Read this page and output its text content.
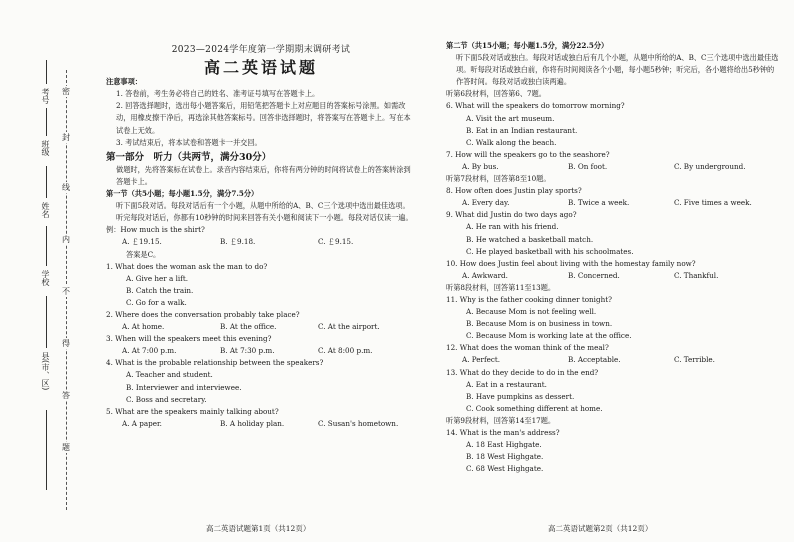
考号
班级
姓名
学校
县(市、区)
密
封
线
内
不
得
答
题
2023—2024学年度第一学期期末调研考试
高二英语试题
注意事项：
1. 答卷前，考生务必将自己的姓名、准考证号填写在答题卡上。
2. 回答选择题时，选出每小题答案后，用铅笔把答题卡上对应题目的答案标号涂黑。如需改动，用橡皮擦干净后，再选涂其他答案标号。回答非选择题时，将答案写在答题卡上。写在本试卷上无效。
3. 考试结束后，将本试卷和答题卡一并交回。
第一部分　听力（共两节，满分30分）
做题时，先将答案标在试卷上。录音内容结束后，你将有两分钟的时间将试卷上的答案转涂到答题卡上。
第一节（共5小题；每小题1.5分，满分7.5分）
听下面5段对话。每段对话后有一个小题，从题中所给的A、B、C三个选项中选出最佳选项。听完每段对话后，你都有10秒钟的时间来回答有关小题和阅读下一小题。每段对话仅读一遍。
例：How much is the shirt?
A. ￡19.15.	B. ￡9.18.	C. ￡9.15.
答案是C。
1. What does the woman ask the man to do?
A. Give her a lift.
B. Catch the train.
C. Go for a walk.
2. Where does the conversation probably take place?
A. At home.	B. At the office.	C. At the airport.
3. When will the speakers meet this evening?
A. At 7:00 p.m.	B. At 7:30 p.m.	C. At 8:00 p.m.
4. What is the probable relationship between the speakers?
A. Teacher and student.
B. Interviewer and interviewee.
C. Boss and secretary.
5. What are the speakers mainly talking about?
A. A paper.	B. A holiday plan.	C. Susan's hometown.
第二节（共15小题；每小题1.5分，满分22.5分）
听下面5段对话或独白。每段对话或独白后有几个小题，从题中所给的A、B、C三个选项中选出最佳选项。听每段对话或独白前，你将有时间阅读各个小题，每小题5秒钟；听完后，各小题将给出5秒钟的作答时间。每段对话或独白读两遍。
听第6段材料，回答第6、7题。
6. What will the speakers do tomorrow morning?
A. Visit the art museum.
B. Eat in an Indian restaurant.
C. Walk along the beach.
7. How will the speakers go to the seashore?
A. By bus.	B. On foot.	C. By underground.
听第7段材料，回答第8至10题。
8. How often does Justin play sports?
A. Every day.	B. Twice a week.	C. Five times a week.
9. What did Justin do two days ago?
A. He ran with his friend.
B. He watched a basketball match.
C. He played basketball with his schoolmates.
10. How does Justin feel about living with the homestay family now?
A. Awkward.	B. Concerned.	C. Thankful.
听第8段材料，回答第11至13题。
11. Why is the father cooking dinner tonight?
A. Because Mom is not feeling well.
B. Because Mom is on business in town.
C. Because Mom is working late at the office.
12. What does the woman think of the meal?
A. Perfect.	B. Acceptable.	C. Terrible.
13. What do they decide to do in the end?
A. Eat in a restaurant.
B. Have pumpkins as dessert.
C. Cook something different at home.
听第9段材料，回答第14至17题。
14. What is the man's address?
A. 18 East Highgate.
B. 18 West Highgate.
C. 68 West Highgate.
高二英语试题第1页（共12页）	高二英语试题第2页（共12页）
